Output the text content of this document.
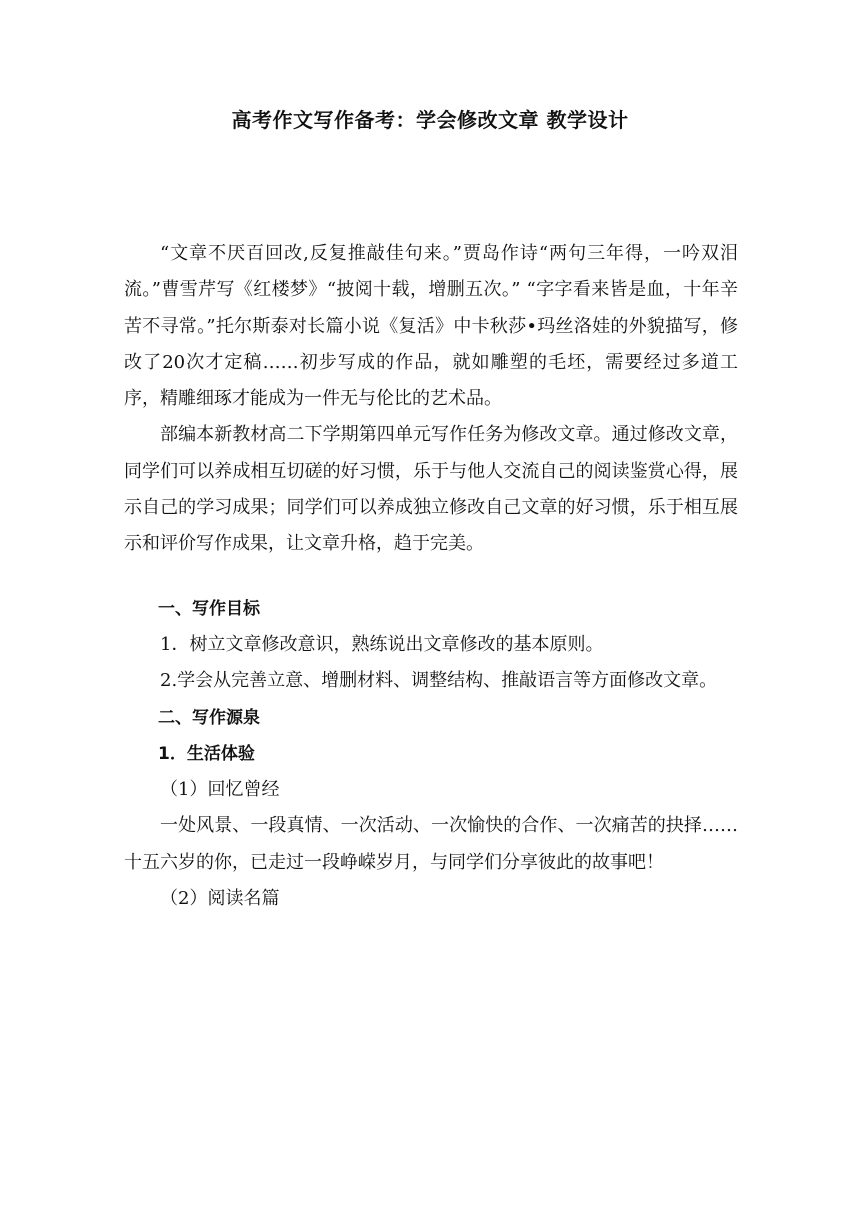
高考作文写作备考：学会修改文章 教学设计

“文章不厌百回改,反复推敲佳句来。”贾岛作诗“两句三年得，一吟双泪流。”曹雪芹写《红楼梦》“披阅十载，增删五次。” “字字看来皆是血，十年辛苦不寻常。”托尔斯泰对长篇小说《复活》中卡秋莎•玛丝洛娃的外貌描写，修改了20次才定稿……初步写成的作品，就如雕塑的毛坯，需要经过多道工序，精雕细琢才能成为一件无与伦比的艺术品。

部编本新教材高二下学期第四单元写作任务为修改文章。通过修改文章，同学们可以养成相互切磋的好习惯，乐于与他人交流自己的阅读鉴赏心得，展示自己的学习成果；同学们可以养成独立修改自己文章的好习惯，乐于相互展示和评价写作成果，让文章升格，趋于完美。

一、写作目标

1．树立文章修改意识，熟练说出文章修改的基本原则。

2.学会从完善立意、增删材料、调整结构、推敲语言等方面修改文章。

二、写作源泉

1．生活体验

（1）回忆曾经

一处风景、一段真情、一次活动、一次愉快的合作、一次痛苦的抉择……十五六岁的你，已走过一段峥嵘岁月，与同学们分享彼此的故事吧！

（2）阅读名篇
